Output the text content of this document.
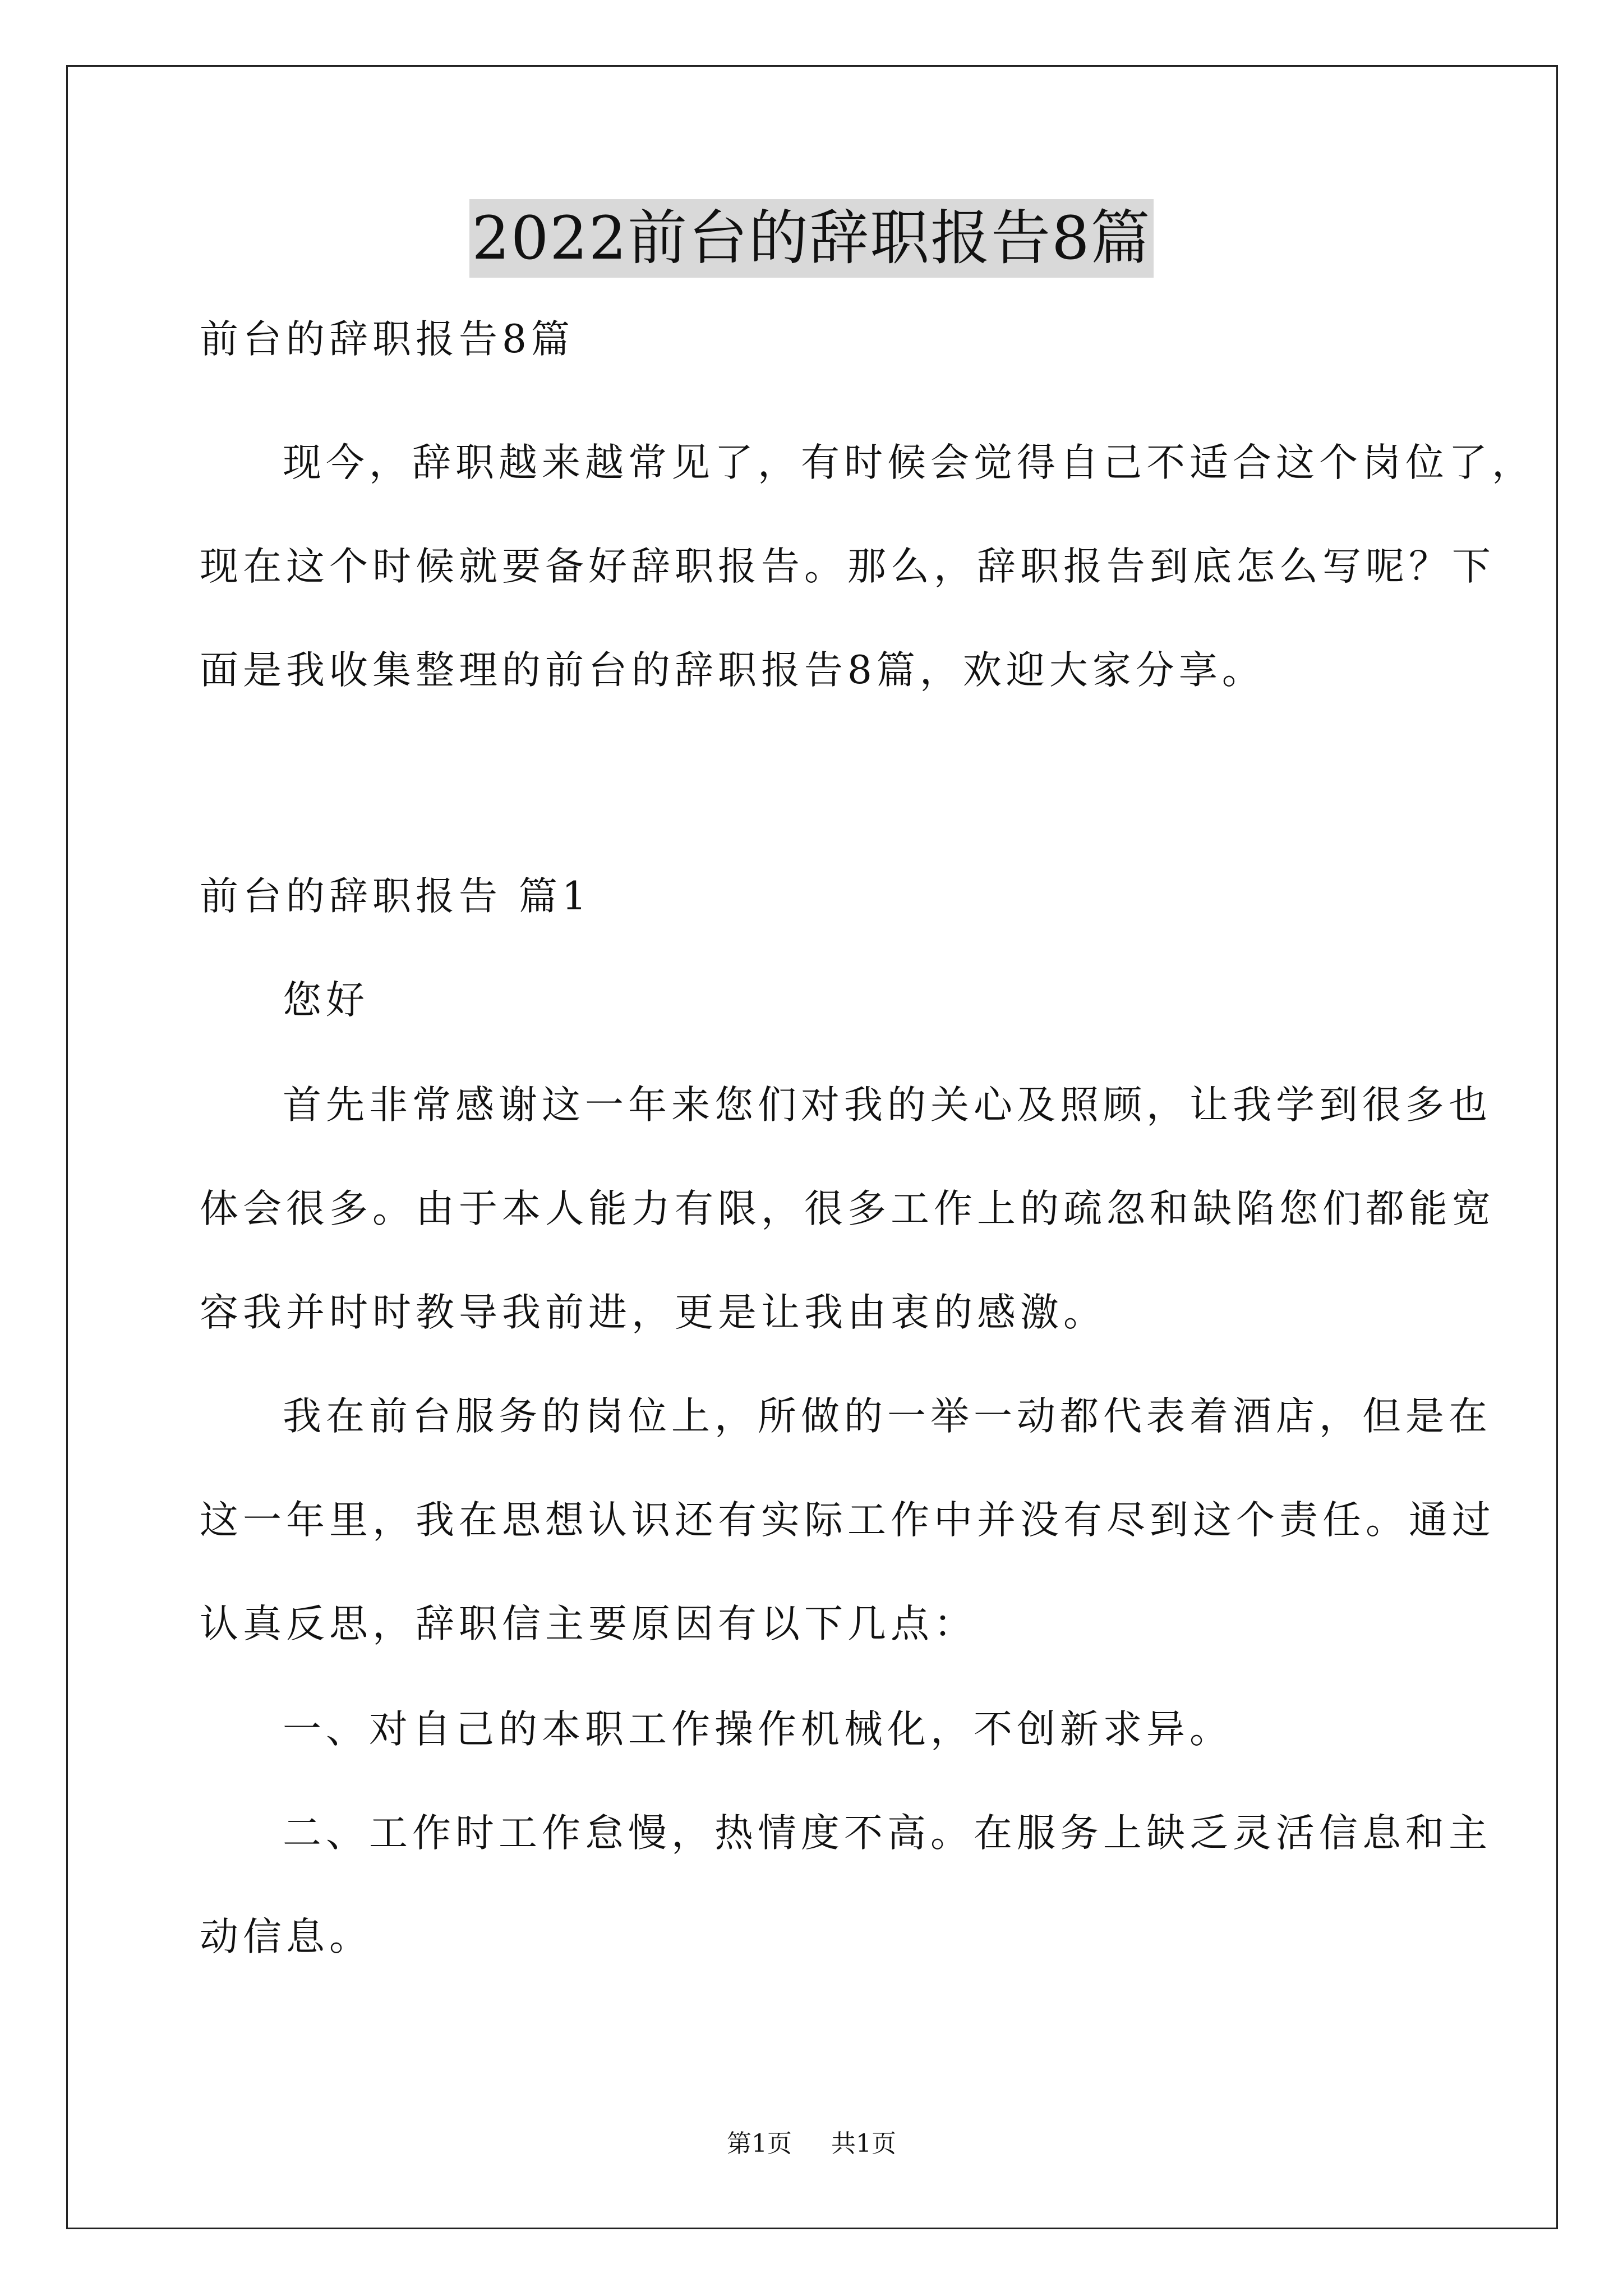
2022前台的辞职报告8篇
前台的辞职报告8篇
现今，辞职越来越常见了，有时候会觉得自己不适合这个岗位了，
现在这个时候就要备好辞职报告。那么，辞职报告到底怎么写呢？下
面是我收集整理的前台的辞职报告8篇，欢迎大家分享。
前台的辞职报告 篇1
您好
首先非常感谢这一年来您们对我的关心及照顾，让我学到很多也
体会很多。由于本人能力有限，很多工作上的疏忽和缺陷您们都能宽
容我并时时教导我前进，更是让我由衷的感激。
我在前台服务的岗位上，所做的一举一动都代表着酒店，但是在
这一年里，我在思想认识还有实际工作中并没有尽到这个责任。通过
认真反思，辞职信主要原因有以下几点：
一、对自己的本职工作操作机械化，不创新求异。
二、工作时工作怠慢，热情度不高。在服务上缺乏灵活信息和主
动信息。
第1页 共1页
